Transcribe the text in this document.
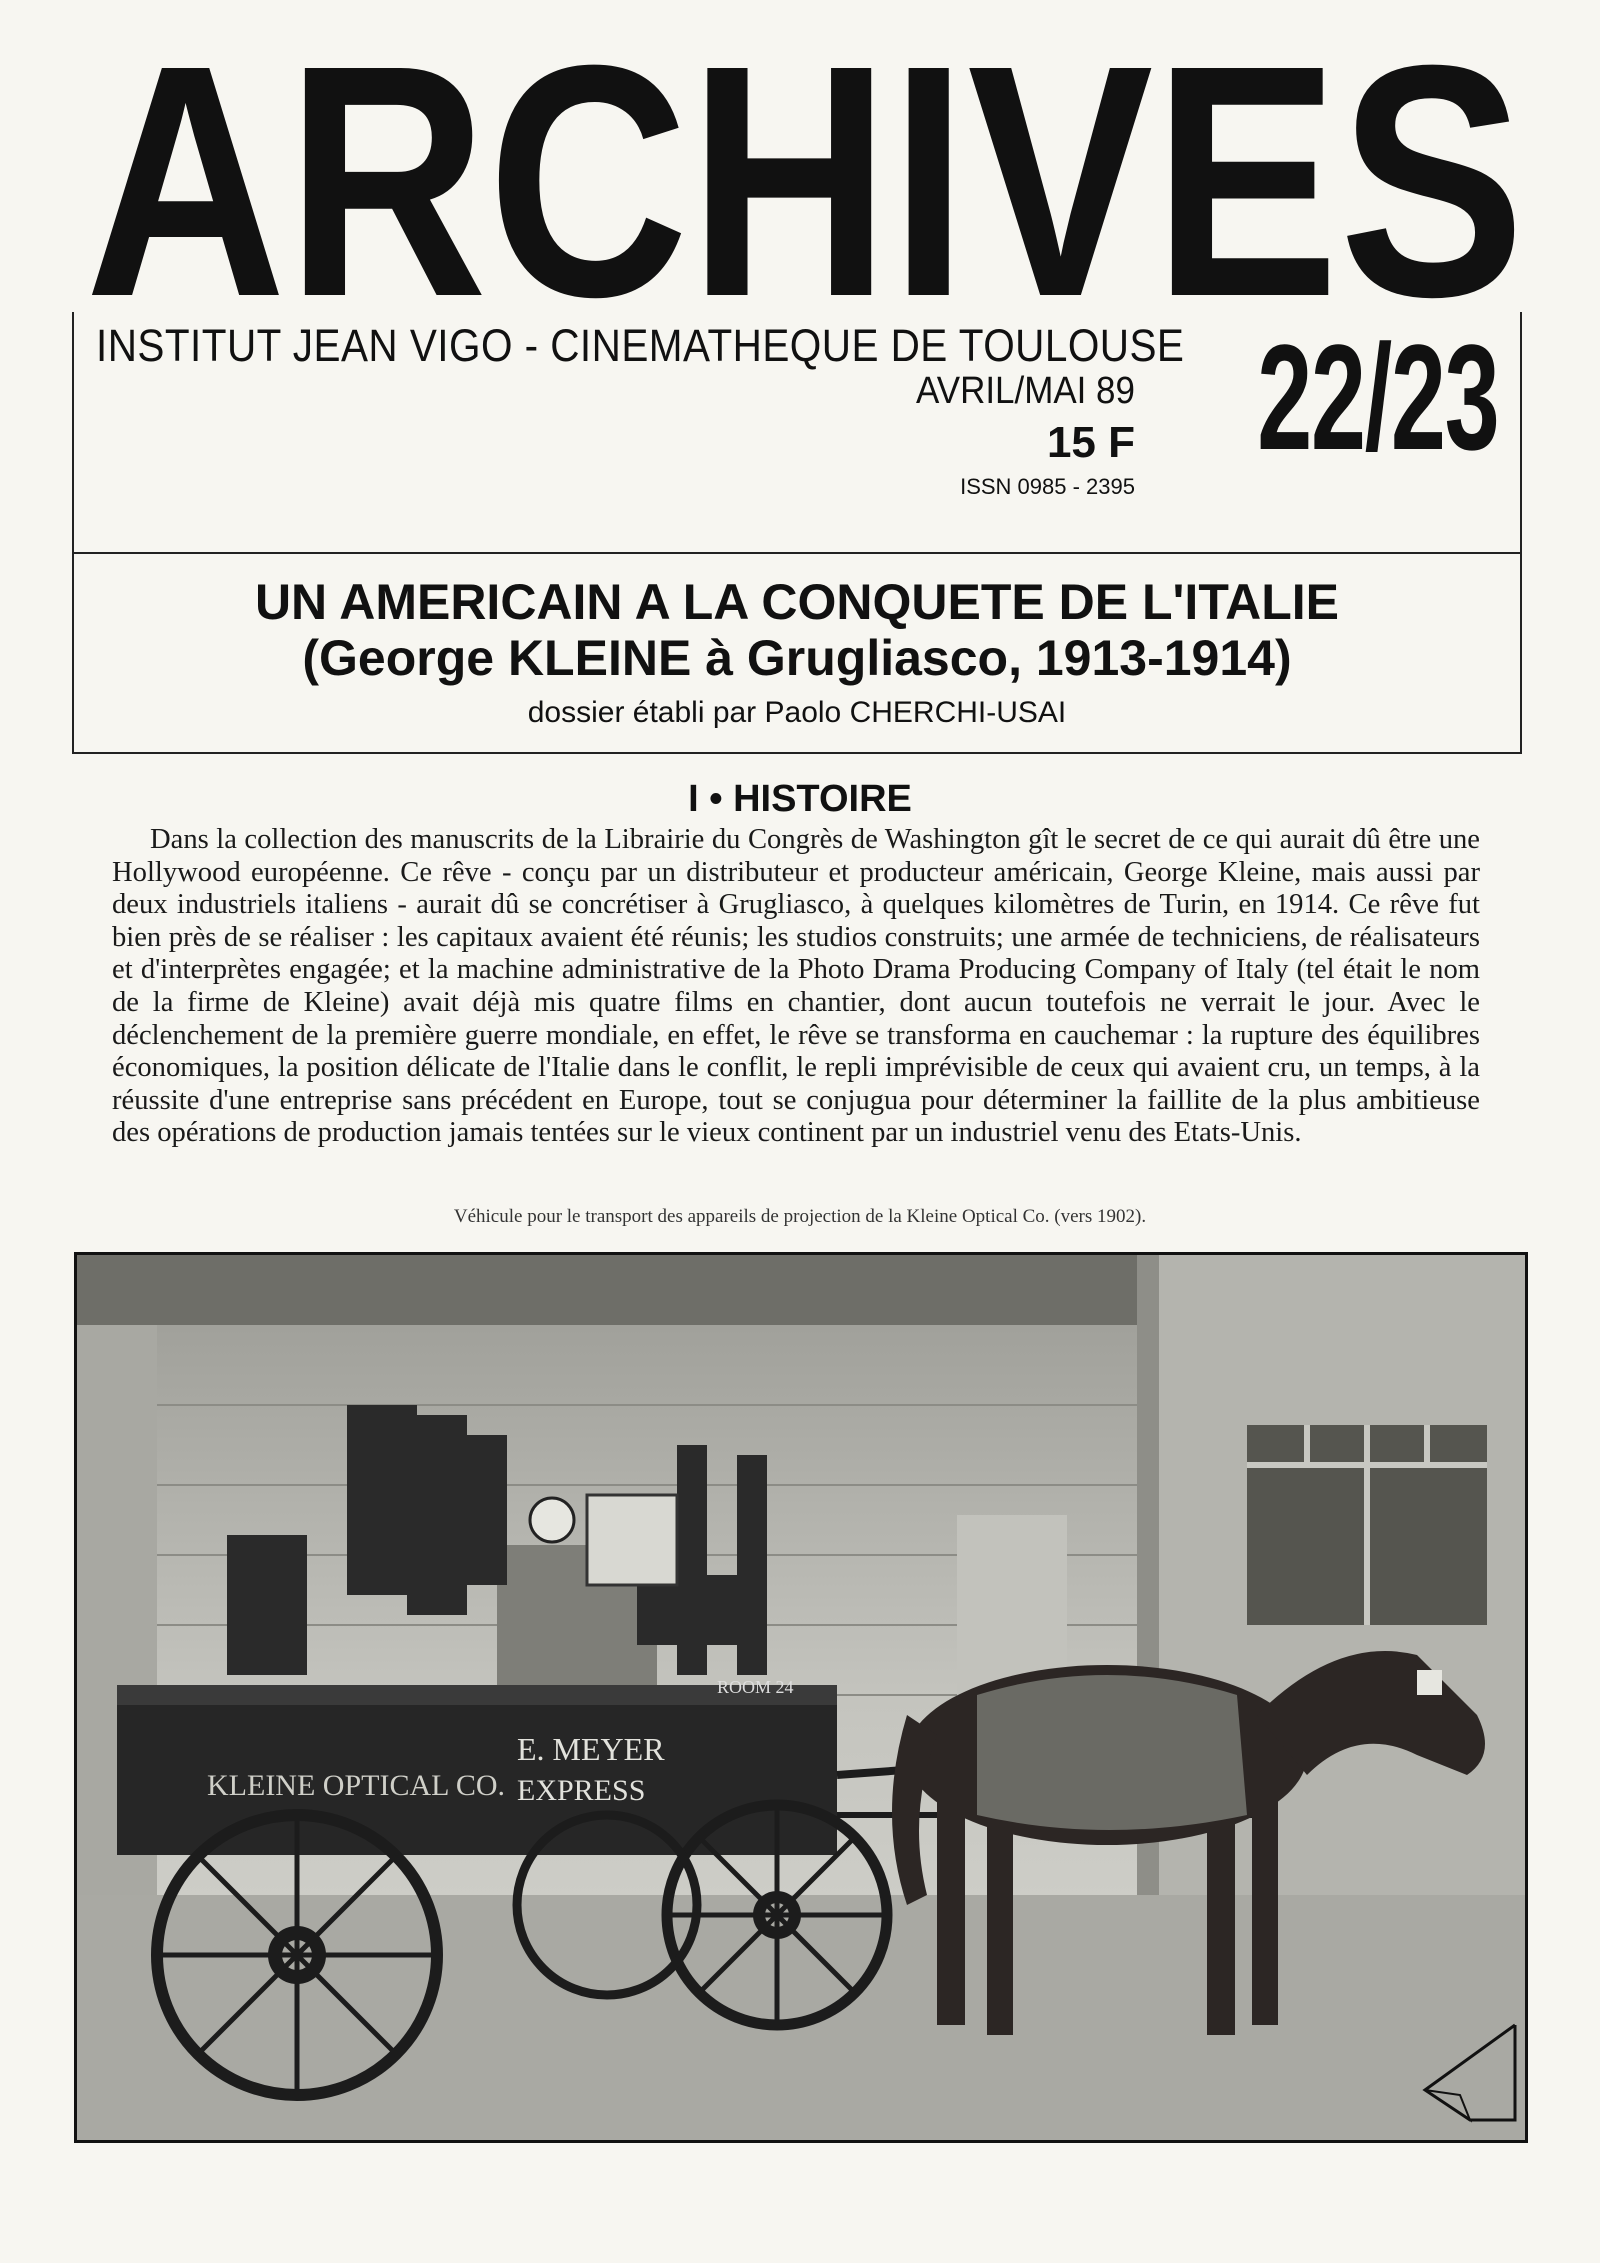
ARCHIVES
INSTITUT JEAN VIGO - CINEMATHEQUE DE TOULOUSE
AVRIL/MAI 89
15 F
ISSN 0985 - 2395
22/23
UN AMERICAIN A LA CONQUETE DE L'ITALIE
(George KLEINE à Grugliasco, 1913-1914)
dossier établi par Paolo CHERCHI-USAI
I • HISTOIRE

Dans la collection des manuscrits de la Librairie du Congrès de Washington gît le secret de ce qui aurait dû être une Hollywood européenne. Ce rêve - conçu par un distributeur et producteur américain, George Kleine, mais aussi par deux industriels italiens - aurait dû se concrétiser à Grugliasco, à quelques kilomètres de Turin, en 1914. Ce rêve fut bien près de se réaliser : les capitaux avaient été réunis; les studios construits; une armée de techniciens, de réalisateurs et d'interprètes engagée; et la machine administrative de la Photo Drama Producing Company of Italy (tel était le nom de la firme de Kleine) avait déjà mis quatre films en chantier, dont aucun toutefois ne verrait le jour. Avec le déclenchement de la première guerre mondiale, en effet, le rêve se transforma en cauchemar : la rupture des équilibres économiques, la position délicate de l'Italie dans le conflit, le repli imprévisible de ceux qui avaient cru, un temps, à la réussite d'une entreprise sans précédent en Europe, tout se conjugua pour déterminer la faillite de la plus ambitieuse des opérations de production jamais tentées sur le vieux continent par un industriel venu des Etats-Unis.

Véhicule pour le transport des appareils de projection de la Kleine Optical Co. (vers 1902).
KLEINE OPTICAL CO.
E. MEYER
EXPRESS
ROOM 24
